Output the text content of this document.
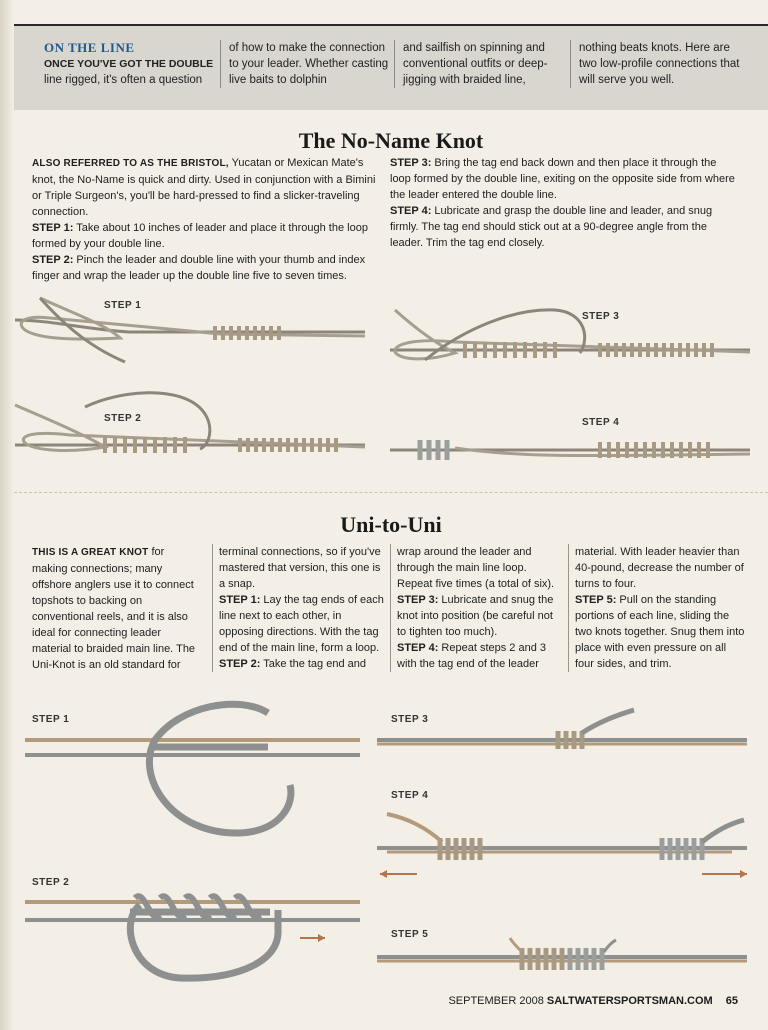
ON THE LINE
ONCE YOU'VE GOT THE DOUBLE line rigged, it's often a question
of how to make the connection to your leader. Whether casting live baits to dolphin
and sailfish on spinning and conventional outfits or deep-jigging with braided line,
nothing beats knots. Here are two low-profile connections that will serve you well.
The No-Name Knot

ALSO REFERRED TO AS THE BRISTOL, Yucatan or Mexican Mate's knot, the No-Name is quick and dirty. Used in conjunction with a Bimini or Triple Surgeon's, you'll be hard-pressed to find a slicker-traveling connection.

STEP 1: Take about 10 inches of leader and place it through the loop formed by your double line.

STEP 2: Pinch the leader and double line with your thumb and index finger and wrap the leader up the double line five to seven times.

STEP 3: Bring the tag end back down and then place it through the loop formed by the double line, exiting on the opposite side from where the leader entered the double line.

STEP 4: Lubricate and grasp the double line and leader, and snug firmly. The tag end should stick out at a 90-degree angle from the leader. Trim the tag end closely.

STEP 1
STEP 2
STEP 3
STEP 4
Uni-to-Uni

THIS IS A GREAT KNOT for making connections; many offshore anglers use it to connect topshots to backing on conventional reels, and it is also ideal for connecting leader material to braided main line. The Uni-Knot is an old standard for

terminal connections, so if you've mastered that version, this one is a snap.

STEP 1: Lay the tag ends of each line next to each other, in opposing directions. With the tag end of the main line, form a loop.

STEP 2: Take the tag end and

wrap around the leader and through the main line loop. Repeat five times (a total of six).

STEP 3: Lubricate and snug the knot into position (be careful not to tighten too much).

STEP 4: Repeat steps 2 and 3 with the tag end of the leader

material. With leader heavier than 40-pound, decrease the number of turns to four.

STEP 5: Pull on the standing portions of each line, sliding the two knots together. Snug them into place with even pressure on all four sides, and trim.

STEP 1
STEP 2
STEP 3
STEP 4
STEP 5
SEPTEMBER 2008 SALTWATERSPORTSMAN.COM 65
